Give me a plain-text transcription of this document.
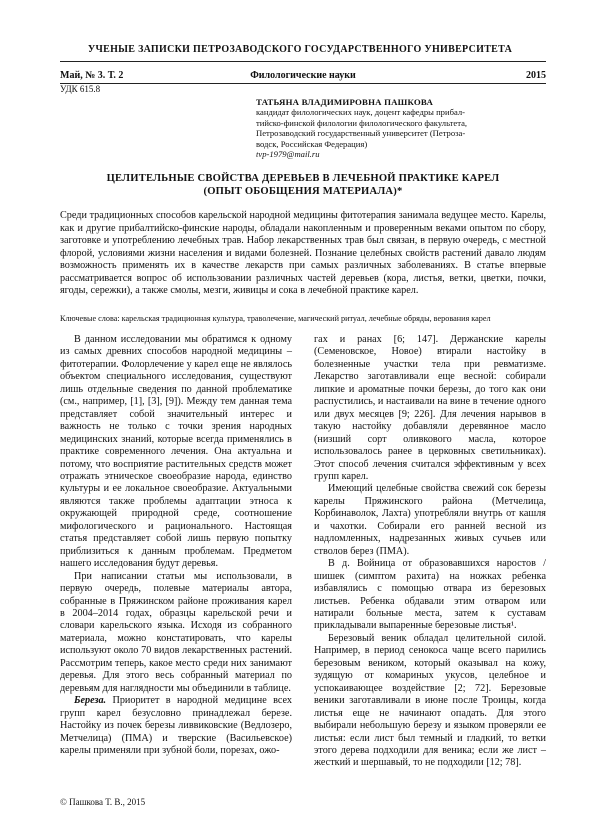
УЧЕНЫЕ ЗАПИСКИ ПЕТРОЗАВОДСКОГО ГОСУДАРСТВЕННОГО УНИВЕРСИТЕТА
Май, № 3. Т. 2	Филологические науки	2015
УДК 615.8
ТАТЬЯНА ВЛАДИМИРОВНА ПАШКОВА
кандидат филологических наук, доцент кафедры прибал-
тийско-финской филологии филологического факультета,
Петрозаводский государственный университет (Петроза-
водск, Российская Федерация)
tvp-1979@mail.ru
ЦЕЛИТЕЛЬНЫЕ СВОЙСТВА ДЕРЕВЬЕВ В ЛЕЧЕБНОЙ ПРАКТИКЕ КАРЕЛ
(ОПЫТ ОБОБЩЕНИЯ МАТЕРИАЛА)*
Среди традиционных способов карельской народной медицины фитотерапия занимала ведущее место. Карелы, как и другие прибалтийско-финские народы, обладали накопленным и проверенным веками опытом по сбору, заготовке и употреблению лечебных трав. Набор лекарственных трав был связан, в первую очередь, с местной флорой, условиями жизни населения и видами болезней. Познание целебных свойств растений давало людям возможность применять их в качестве лекарств при самых различных заболеваниях. В статье впервые рассматривается вопрос об использовании различных частей деревьев (кора, листья, ветки, цветки, почки, ягоды, сережки), а также смолы, мезги, живицы и сока в лечебной практике карел.
Ключевые слова: карельская традиционная культура, траволечение, магический ритуал, лечебные обряды, верования карел

В данном исследовании мы обратимся к одному из самых древних способов народной медицины – фитотерапии. Фолорлечение у карел еще не являлось объектом специального исследования, существуют лишь отдельные сведения по данной проблематике (см., например, [1], [3], [9]). Между тем данная тема представляет собой значительный интерес и важность не только с точки зрения народных медицинских знаний, которые всегда применялись в практике современного лечения. Она актуальна и потому, что восприятие растительных средств может отражать этническое своеобразие народа, единство культуры и ее локальное своеобразие. Актуальными являются также проблемы адаптации этноса к окружающей природной среде, соотношение мифологического и рационального. Настоящая статья представляет собой лишь первую попытку приблизиться к данным проблемам. Предметом нашего исследования будут деревья.

При написании статьи мы использовали, в первую очередь, полевые материалы автора, собранные в Пряжинском районе проживания карел в 2004–2014 годах, образцы карельской речи и словари карельского языка. Исходя из собранного материала, можно констатировать, что карелы используют около 70 видов лекарственных растений. Рассмотрим теперь, какое место среди них занимают деревья. Для этого весь собранный материал по деревьям для наглядности мы объединили в таблице.

Береза. Приоритет в народной медицине всех групп карел безусловно принадлежал березе. Настойку из почек березы ливвиковские (Ведлозеро, Метчелица) (ПМА) и тверские (Васильевское) карелы применяли при зубной боли, порезах, ожо-

гах и ранах [6; 147]. Держанские карелы (Семеновское, Новое) втирали настойку в болезненные участки тела при ревматизме. Лекарство заготавливали еще весной: собирали липкие и ароматные почки березы, до того как они распустились, и настаивали на вине в течение одного или двух месяцев [9; 226]. Для лечения нарывов в такую настойку добавляли деревянное масло (низший сорт оливкового масла, которое использовалось ранее в церковных светильниках). Этот способ лечения считался эффективным у всех групп карел.

Имеющий целебные свойства свежий сок березы карелы Пряжинского района (Метчелица, Корбинаволок, Лахта) употребляли внутрь от кашля и чахотки. Собирали его ранней весной из надломленных, надрезанных живых сучьев или стволов берез (ПМА).

В д. Войница от образовавшихся наростов / шишек (симптом рахита) на ножках ребенка избавлялись с помощью отвара из березовых листьев. Ребенка обдавали этим отваром или натирали больные места, затем к суставам прикладывали выпаренные березовые листья¹.

Березовый веник обладал целительной силой. Например, в период сенокоса чаще всего парились березовым веником, который оказывал на кожу, зудящую от комариных укусов, целебное и успокаивающее воздействие [2; 72]. Березовые веники заготавливали в июне после Троицы, когда листья еще не начинают опадать. Для этого выбирали небольшую березу и языком проверяли ее листья: если лист был темный и гладкий, то ветки этого дерева подходили для веника; если же лист – жесткий и шершавый, то не подходили [12; 78].

© Пашкова Т. В., 2015
